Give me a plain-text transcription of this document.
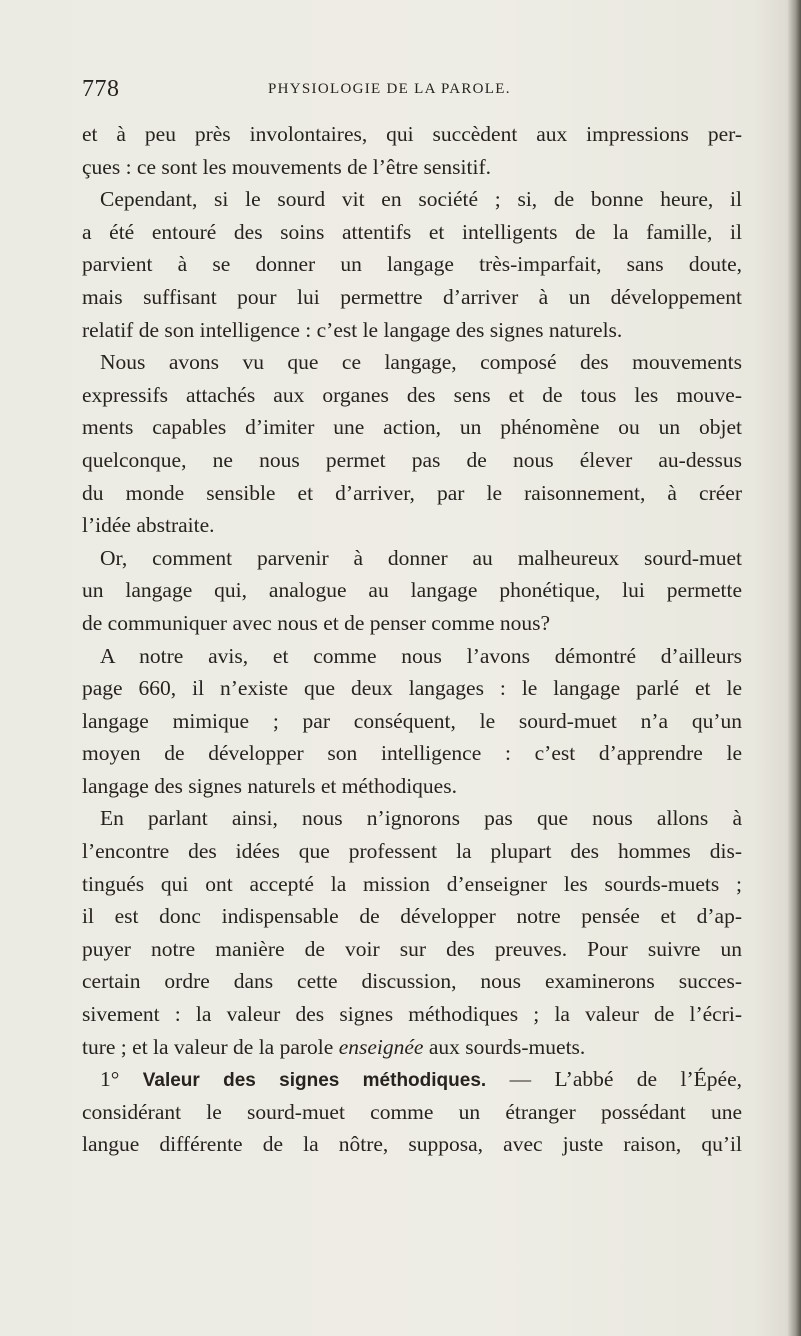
778	PHYSIOLOGIE DE LA PAROLE.
et à peu près involontaires, qui succèdent aux impressions per-
çues : ce sont les mouvements de l’être sensitif.
Cependant, si le sourd vit en société ; si, de bonne heure, il
a été entouré des soins attentifs et intelligents de la famille, il
parvient à se donner un langage très-imparfait, sans doute,
mais suffisant pour lui permettre d’arriver à un développement
relatif de son intelligence : c’est le langage des signes naturels.
Nous avons vu que ce langage, composé des mouvements
expressifs attachés aux organes des sens et de tous les mouve-
ments capables d’imiter une action, un phénomène ou un objet
quelconque, ne nous permet pas de nous élever au-dessus
du monde sensible et d’arriver, par le raisonnement, à créer
l’idée abstraite.
Or, comment parvenir à donner au malheureux sourd-muet
un langage qui, analogue au langage phonétique, lui permette
de communiquer avec nous et de penser comme nous?
A notre avis, et comme nous l’avons démontré d’ailleurs
page 660, il n’existe que deux langages : le langage parlé et le
langage mimique ; par conséquent, le sourd-muet n’a qu’un
moyen de développer son intelligence : c’est d’apprendre le
langage des signes naturels et méthodiques.
En parlant ainsi, nous n’ignorons pas que nous allons à
l’encontre des idées que professent la plupart des hommes dis-
tingués qui ont accepté la mission d’enseigner les sourds-muets ;
il est donc indispensable de développer notre pensée et d’ap-
puyer notre manière de voir sur des preuves. Pour suivre un
certain ordre dans cette discussion, nous examinerons succes-
sivement : la valeur des signes méthodiques ; la valeur de l’écri-
ture ; et la valeur de la parole enseignée aux sourds-muets.
1° Valeur des signes méthodiques. — L’abbé de l’Épée,
considérant le sourd-muet comme un étranger possédant une
langue différente de la nôtre, supposa, avec juste raison, qu’il
